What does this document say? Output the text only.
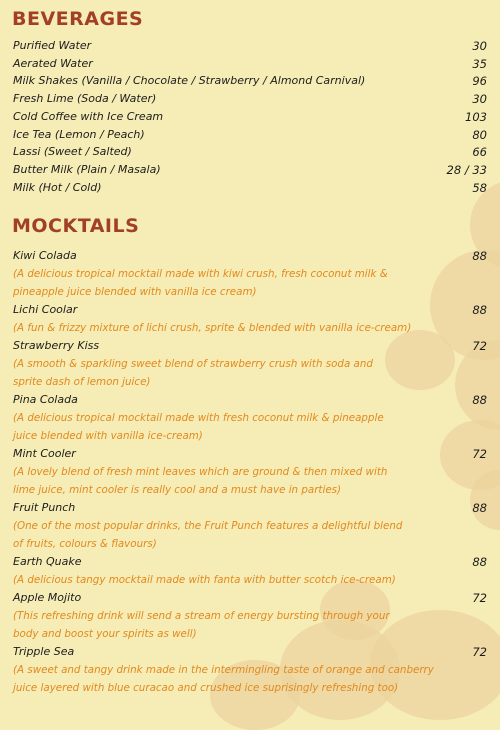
BEVERAGES
Purified Water	30
Aerated Water	35
Milk Shakes (Vanilla / Chocolate / Strawberry / Almond Carnival)	96
Fresh Lime (Soda / Water)	30
Cold Coffee with Ice Cream	103
Ice Tea (Lemon / Peach)	80
Lassi (Sweet / Salted)	66
Butter Milk (Plain / Masala)	28 / 33
Milk (Hot / Cold)	58
MOCKTAILS
Kiwi Colada	88
(A delicious tropical mocktail made with kiwi crush, fresh coconut milk &
pineapple juice blended with vanilla ice cream)
Lichi Coolar	88
(A fun & frizzy mixture of lichi crush, sprite & blended with vanilla ice-cream)
Strawberry Kiss	72
(A smooth & sparkling sweet blend of strawberry crush with soda and
sprite dash of lemon juice)
Pina Colada	88
(A delicious tropical mocktail made with fresh coconut milk & pineapple
juice blended with vanilla ice-cream)
Mint Cooler	72
(A lovely blend of fresh mint leaves which are ground & then mixed with
lime juice, mint cooler is really cool and a must have in parties)
Fruit Punch	88
(One of the most popular drinks, the Fruit Punch features a delightful blend
of fruits, colours & flavours)
Earth Quake	88
(A delicious tangy mocktail made with fanta with butter scotch ice-cream)
Apple Mojito	72
(This refreshing drink will send a stream of energy bursting through your
body and boost your spirits as well)
Tripple Sea	72
(A sweet and tangy drink made in the intermingling taste of orange and canberry
juice layered with blue curacao and crushed ice suprisingly refreshing too)
